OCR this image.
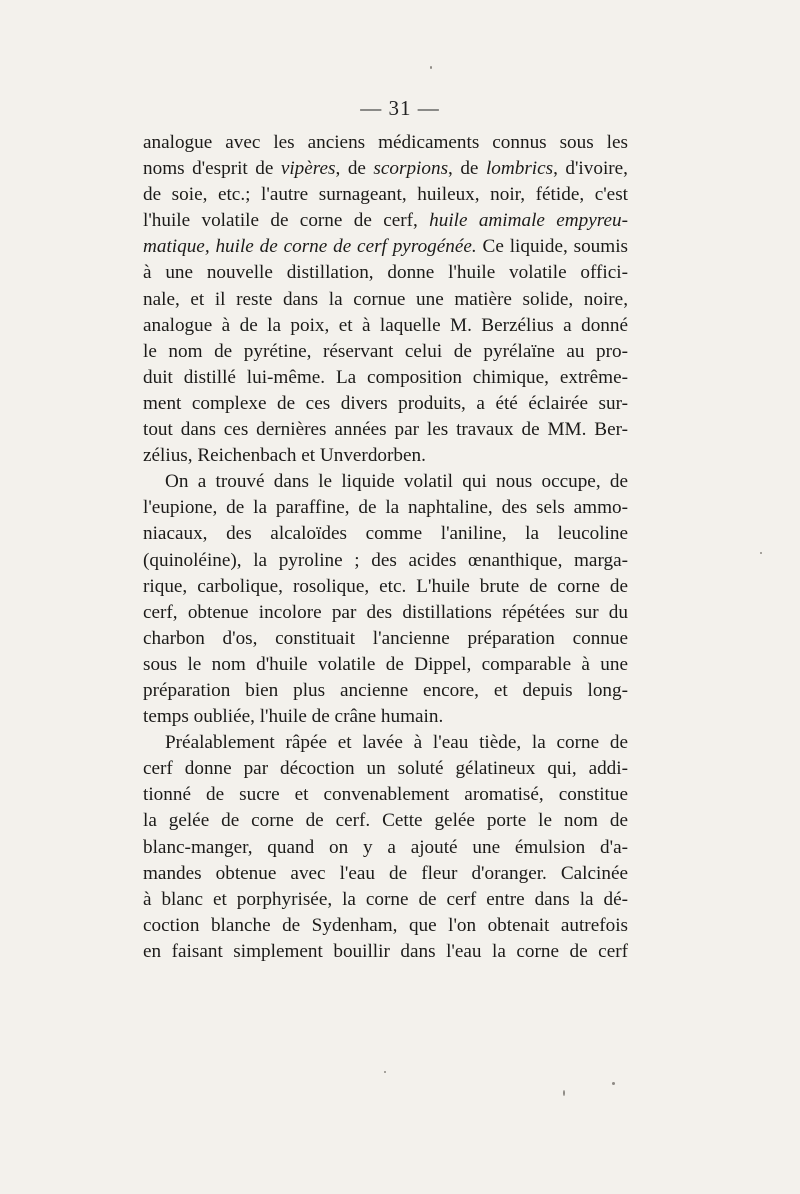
— 31 —
analogue avec les anciens médicaments connus sous les
noms d'esprit de vipères, de scorpions, de lombrics, d'ivoire,
de soie, etc.; l'autre surnageant, huileux, noir, fétide, c'est
l'huile volatile de corne de cerf, huile amimale empyreu-
matique, huile de corne de cerf pyrogénée. Ce liquide, soumis
à une nouvelle distillation, donne l'huile volatile offici-
nale, et il reste dans la cornue une matière solide, noire,
analogue à de la poix, et à laquelle M. Berzélius a donné
le nom de pyrétine, réservant celui de pyrélaïne au pro-
duit distillé lui-même. La composition chimique, extrême-
ment complexe de ces divers produits, a été éclairée sur-
tout dans ces dernières années par les travaux de MM. Ber-
zélius, Reichenbach et Unverdorben.
On a trouvé dans le liquide volatil qui nous occupe, de
l'eupione, de la paraffine, de la naphtaline, des sels ammo-
niacaux, des alcaloïdes comme l'aniline, la leucoline
(quinoléine), la pyroline ; des acides œnanthique, marga-
rique, carbolique, rosolique, etc. L'huile brute de corne de
cerf, obtenue incolore par des distillations répétées sur du
charbon d'os, constituait l'ancienne préparation connue
sous le nom d'huile volatile de Dippel, comparable à une
préparation bien plus ancienne encore, et depuis long-
temps oubliée, l'huile de crâne humain.
Préalablement râpée et lavée à l'eau tiède, la corne de
cerf donne par décoction un soluté gélatineux qui, addi-
tionné de sucre et convenablement aromatisé, constitue
la gelée de corne de cerf. Cette gelée porte le nom de
blanc-manger, quand on y a ajouté une émulsion d'a-
mandes obtenue avec l'eau de fleur d'oranger. Calcinée
à blanc et porphyrisée, la corne de cerf entre dans la dé-
coction blanche de Sydenham, que l'on obtenait autrefois
en faisant simplement bouillir dans l'eau la corne de cerf
